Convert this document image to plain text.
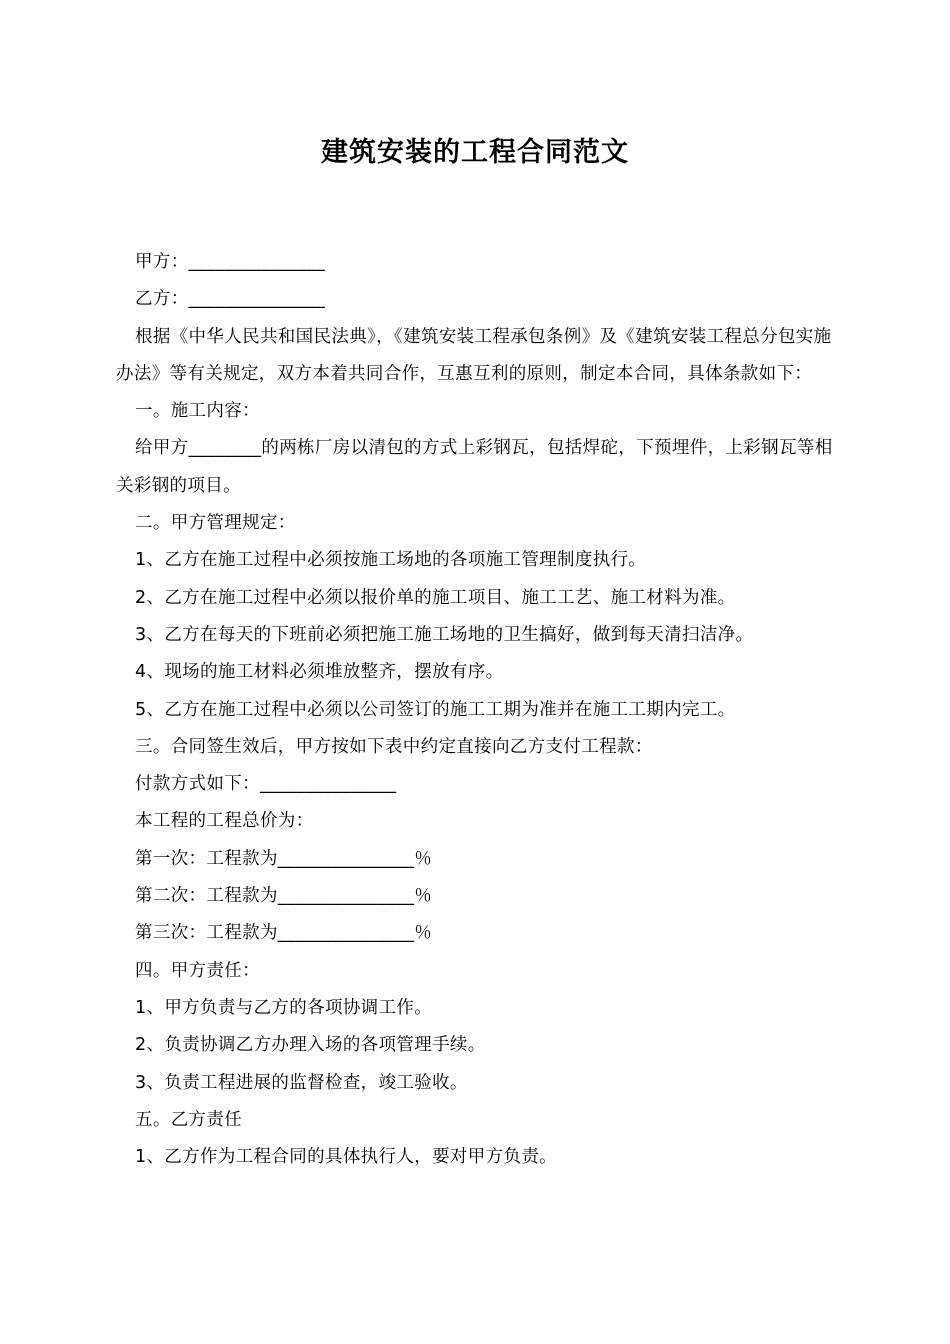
建筑安装的工程合同范文

甲方：_______________

乙方：_______________

根据《中华人民共和国民法典》，《建筑安装工程承包条例》及《建筑安装工程总分包实施办法》等有关规定，双方本着共同合作，互惠互利的原则，制定本合同，具体条款如下：

一。施工内容：

给甲方________的两栋厂房以清包的方式上彩钢瓦，包括焊砣，下预埋件，上彩钢瓦等相关彩钢的项目。

二。甲方管理规定：

1、乙方在施工过程中必须按施工场地的各项施工管理制度执行。

2、乙方在施工过程中必须以报价单的施工项目、施工工艺、施工材料为准。

3、乙方在每天的下班前必须把施工施工场地的卫生搞好，做到每天清扫洁净。

4、现场的施工材料必须堆放整齐，摆放有序。

5、乙方在施工过程中必须以公司签订的施工工期为准并在施工工期内完工。

三。合同签生效后，甲方按如下表中约定直接向乙方支付工程款：

付款方式如下：_______________

本工程的工程总价为：

第一次：工程款为_______________％

第二次：工程款为_______________％

第三次：工程款为_______________％

四。甲方责任：

1、甲方负责与乙方的各项协调工作。

2、负责协调乙方办理入场的各项管理手续。

3、负责工程进展的监督检查，竣工验收。

五。乙方责任

1、乙方作为工程合同的具体执行人，要对甲方负责。
